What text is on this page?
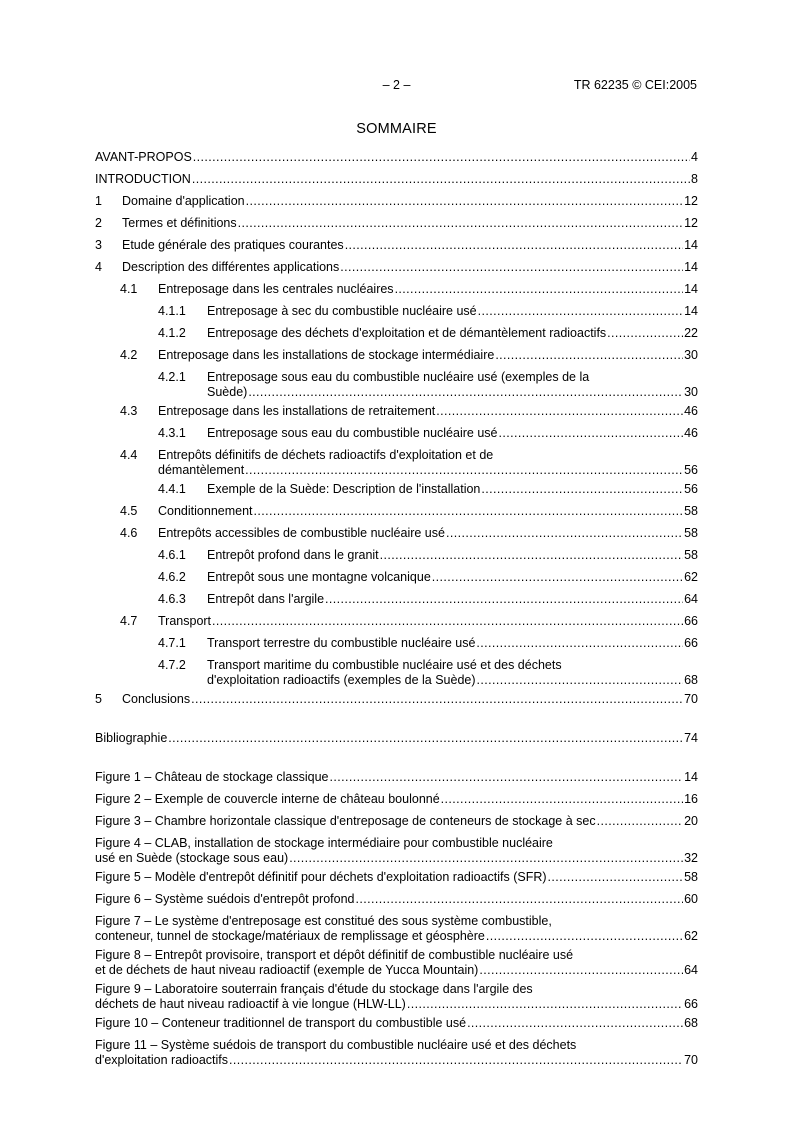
– 2 –	TR 62235 © CEI:2005
SOMMAIRE
AVANT-PROPOS .....	4
INTRODUCTION .....	8
1 Domaine d'application .....	12
2 Termes et définitions .....	12
3 Etude générale des pratiques courantes .....	14
4 Description des différentes applications .....	14
4.1 Entreposage dans les centrales nucléaires .....	14
4.1.1 Entreposage à sec du combustible nucléaire usé .....	14
4.1.2 Entreposage des déchets d'exploitation et de démantèlement radioactifs .....	22
4.2 Entreposage dans les installations de stockage intermédiaire .....	30
4.2.1 Entreposage sous eau du combustible nucléaire usé (exemples de la
Suède) .....	30
4.3 Entreposage dans les installations de retraitement .....	46
4.3.1 Entreposage sous eau du combustible nucléaire usé .....	46
4.4 Entrepôts définitifs de déchets radioactifs d'exploitation et de
démantèlement .....	56
4.4.1 Exemple de la Suède: Description de l'installation .....	56
4.5 Conditionnement .....	58
4.6 Entrepôts accessibles de combustible nucléaire usé .....	58
4.6.1 Entrepôt profond dans le granit .....	58
4.6.2 Entrepôt sous une montagne volcanique .....	62
4.6.3 Entrepôt dans l'argile .....	64
4.7 Transport .....	66
4.7.1 Transport terrestre du combustible nucléaire usé .....	66
4.7.2 Transport maritime du combustible nucléaire usé et des déchets
d'exploitation radioactifs (exemples de la Suède) .....	68
5 Conclusions .....	70
Bibliographie .....	74
Figure 1 – Château de stockage classique .....	14
Figure 2 – Exemple de couvercle interne de château boulonné .....	16
Figure 3 – Chambre horizontale classique d'entreposage de conteneurs de stockage à sec .....	20
Figure 4 – CLAB, installation de stockage intermédiaire pour combustible nucléaire
usé en Suède (stockage sous eau) .....	32
Figure 5 – Modèle d'entrepôt définitif pour déchets d'exploitation radioactifs (SFR) .....	58
Figure 6 – Système suédois d'entrepôt profond .....	60
Figure 7 – Le système d'entreposage est constitué des sous système combustible,
conteneur, tunnel de stockage/matériaux de remplissage et géosphère .....	62
Figure 8 – Entrepôt provisoire, transport et dépôt définitif de combustible nucléaire usé
et de déchets de haut niveau radioactif (exemple de Yucca Mountain) .....	64
Figure 9 – Laboratoire souterrain français d'étude du stockage dans l'argile des
déchets de haut niveau radioactif à vie longue (HLW-LL) .....	66
Figure 10 – Conteneur traditionnel de transport du combustible usé .....	68
Figure 11 – Système suédois de transport du combustible nucléaire usé et des déchets
d'exploitation radioactifs .....	70
